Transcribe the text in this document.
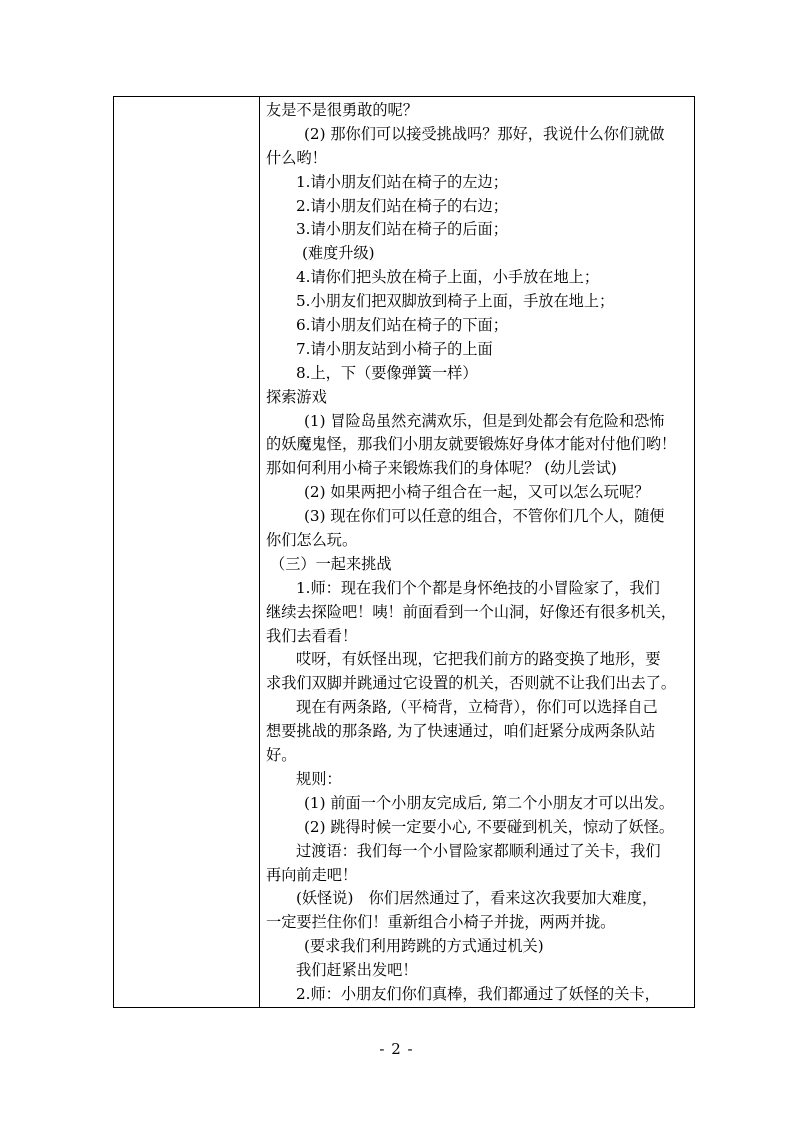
友是不是很勇敢的呢？
(2) 那你们可以接受挑战吗？那好，我说什么你们就做
什么哟！
1.请小朋友们站在椅子的左边；
2.请小朋友们站在椅子的右边；
3.请小朋友们站在椅子的后面；
(难度升级)
4.请你们把头放在椅子上面，小手放在地上；
5.小朋友们把双脚放到椅子上面，手放在地上；
6.请小朋友们站在椅子的下面；
7.请小朋友站到小椅子的上面
8.上，下（要像弹簧一样）
探索游戏
(1) 冒险岛虽然充满欢乐，但是到处都会有危险和恐怖
的妖魔鬼怪，那我们小朋友就要锻炼好身体才能对付他们哟！
那如何利用小椅子来锻炼我们的身体呢？ (幼儿尝试)
(2) 如果两把小椅子组合在一起，又可以怎么玩呢？
(3) 现在你们可以任意的组合，不管你们几个人，随便
你们怎么玩。
（三）一起来挑战
1.师：现在我们个个都是身怀绝技的小冒险家了，我们
继续去探险吧！咦！前面看到一个山洞，好像还有很多机关，
我们去看看！
哎呀，有妖怪出现，它把我们前方的路变换了地形，要
求我们双脚并跳通过它设置的机关，否则就不让我们出去了。
现在有两条路,（平椅背，立椅背），你们可以选择自己
想要挑战的那条路, 为了快速通过，咱们赶紧分成两条队站
好。
规则：
(1) 前面一个小朋友完成后, 第二个小朋友才可以出发。
(2) 跳得时候一定要小心, 不要碰到机关，惊动了妖怪。
过渡语：我们每一个小冒险家都顺利通过了关卡，我们
再向前走吧！
(妖怪说)　你们居然通过了，看来这次我要加大难度，
一定要拦住你们！重新组合小椅子并拢，两两并拢。
(要求我们利用跨跳的方式通过机关)
我们赶紧出发吧！
2.师：小朋友们你们真棒，我们都通过了妖怪的关卡，
- 2 -
